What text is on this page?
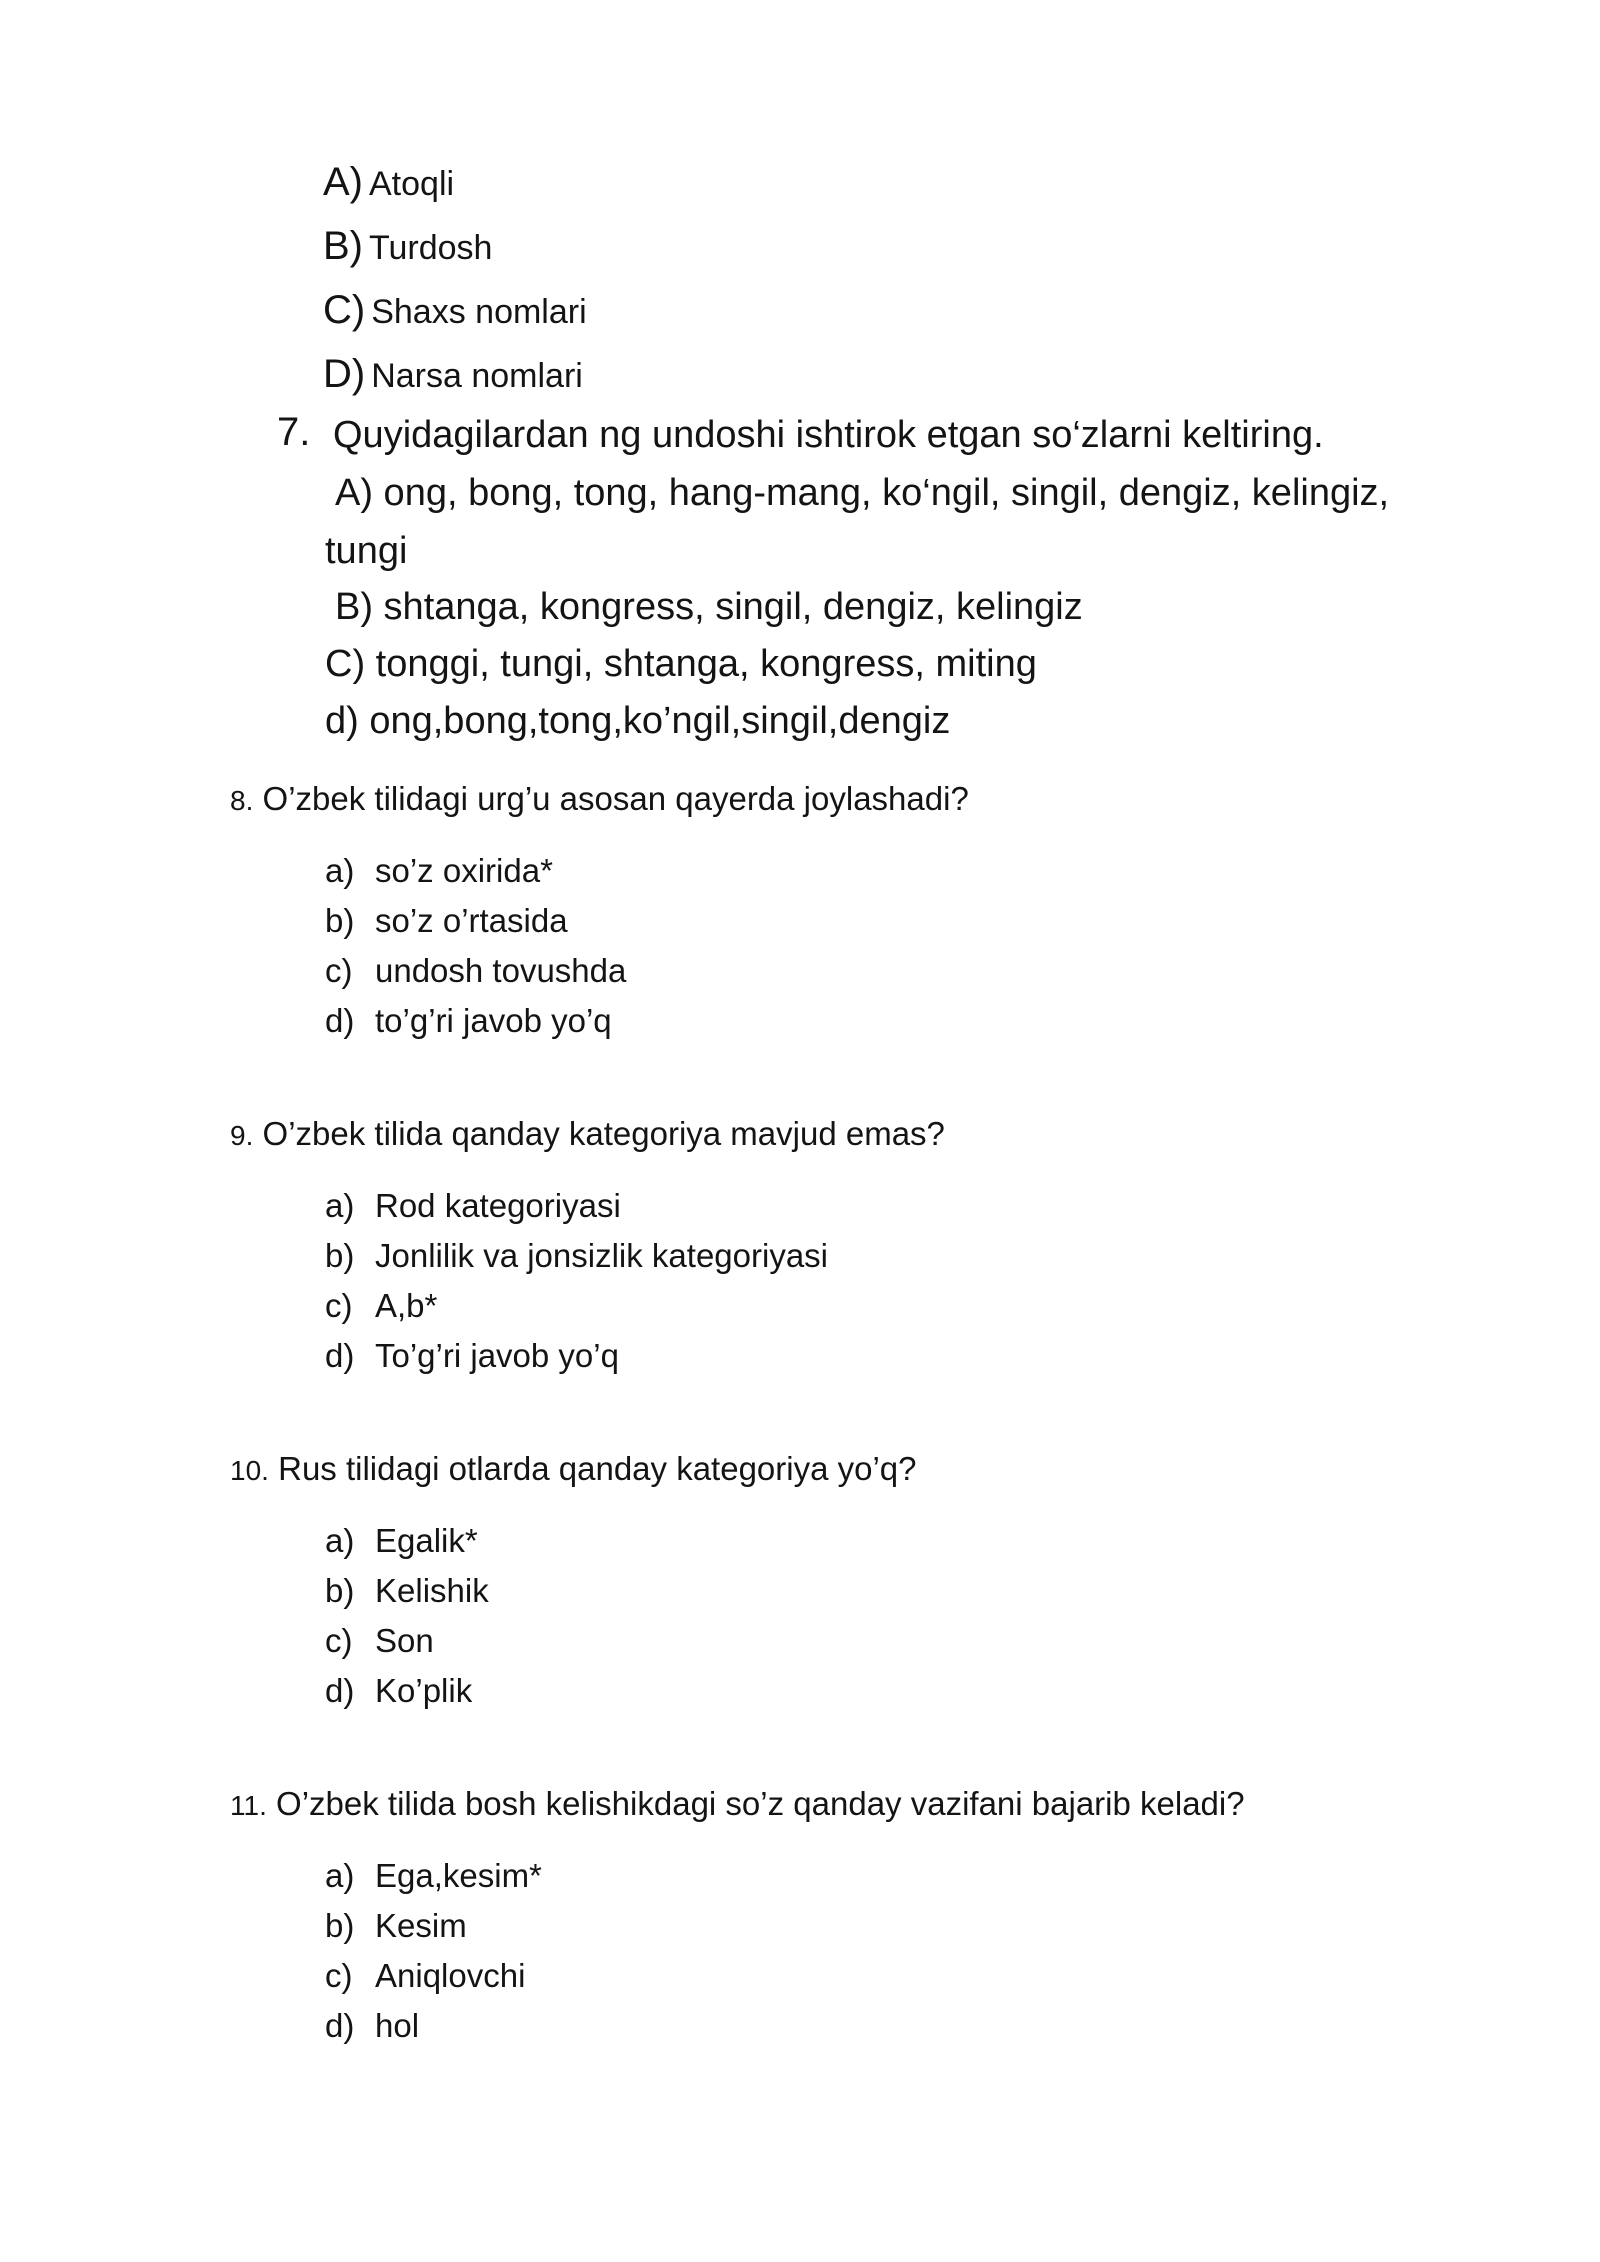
A) Atoqli
B) Turdosh
C) Shaxs nomlari
D) Narsa nomlari
7. Quyidagilardan ng undoshi ishtirok etgan so‘zlarni keltiring.
A) ong, bong, tong, hang-mang, ko‘ngil, singil, dengiz, kelingiz,
tungi
B) shtanga, kongress, singil, dengiz, kelingiz
C) tonggi, tungi, shtanga, kongress, miting
d) ong,bong,tong,ko’ngil,singil,dengiz
8. O’zbek tilidagi urg’u asosan qayerda joylashadi?
a) so’z oxirida*
b) so’z o’rtasida
c) undosh tovushda
d) to’g’ri javob yo’q
9. O’zbek tilida qanday kategoriya mavjud emas?
a) Rod kategoriyasi
b) Jonlilik va jonsizlik kategoriyasi
c) A,b*
d) To’g’ri javob yo’q
10. Rus tilidagi otlarda qanday kategoriya yo’q?
a) Egalik*
b) Kelishik
c) Son
d) Ko’plik
11. O’zbek tilida bosh kelishikdagi so’z qanday vazifani bajarib keladi?
a) Ega,kesim*
b) Kesim
c) Aniqlovchi
d) hol
